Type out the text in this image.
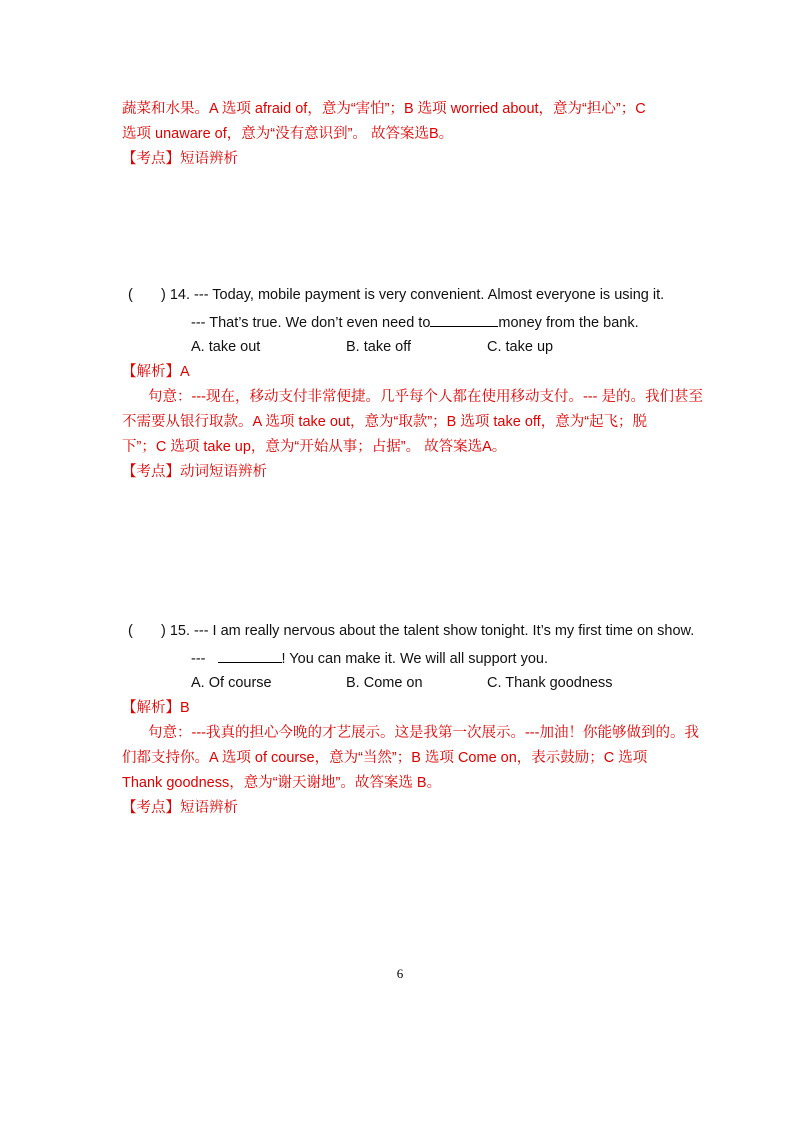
蔬菜和水果。A 选项 afraid of，意为“害怕”；B 选项 worried about，意为“担心”；C
选项 unaware of，意为“没有意识到”。 故答案选B。
【考点】短语辨析
( ) 14. --- Today, mobile payment is very convenient. Almost everyone is using it.
--- That’s true. We don’t even need to	money from the bank.
A. take out	B. take off	C. take up
【解析】A
句意：---现在，移动支付非常便捷。几乎每个人都在使用移动支付。--- 是的。我们甚至
不需要从银行取款。A 选项 take out，意为“取款”；B 选项 take off，意为“起飞；脱
下”；C 选项 take up，意为“开始从事；占据”。 故答案选A。
【考点】动词短语辨析
( ) 15. --- I am really nervous about the talent show tonight. It’s my first time on show.
---	! You can make it. We will all support you.
A. Of course	B. Come on	C. Thank goodness
【解析】B
句意：---我真的担心今晚的才艺展示。这是我第一次展示。---加油！你能够做到的。我
们都支持你。A 选项 of course，意为“当然”；B 选项 Come on，表示鼓励；C 选项
Thank goodness，意为“谢天谢地”。故答案选 B。
【考点】短语辨析
6
